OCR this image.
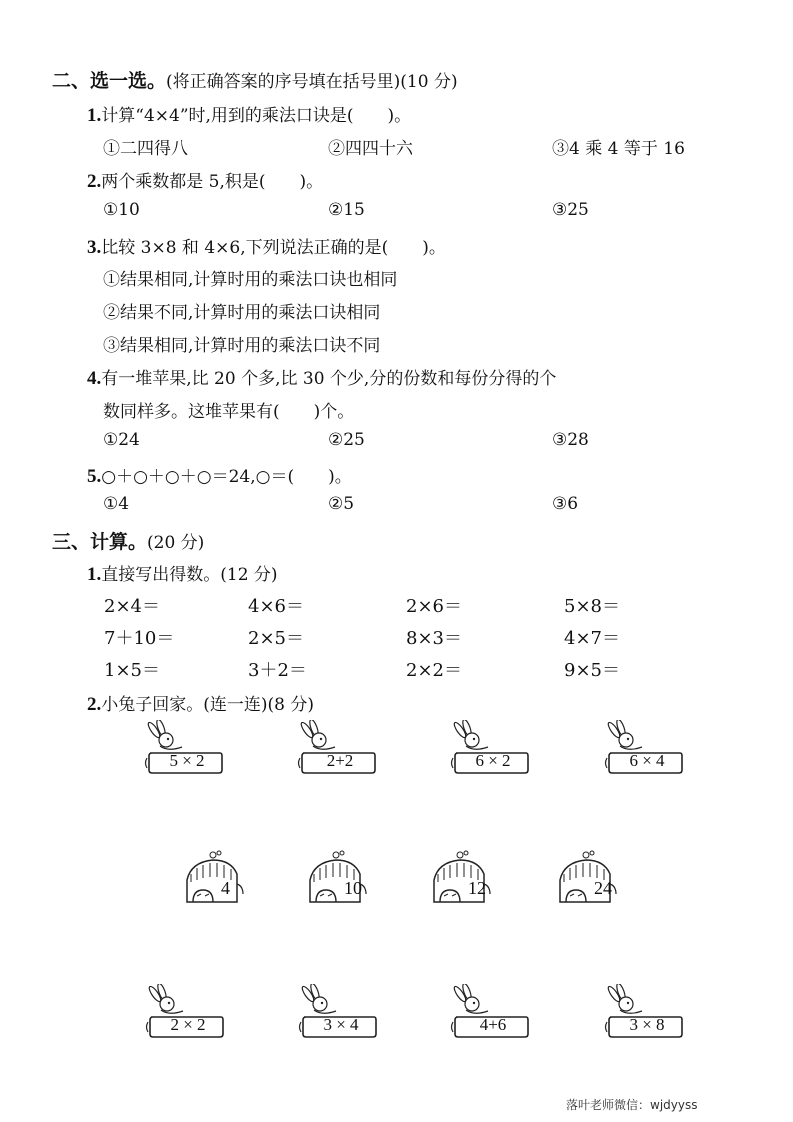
二、选一选。(将正确答案的序号填在括号里)(10 分)
1.计算“4×4”时,用到的乘法口诀是(　　)。
①二四得八	②四四十六	③4 乘 4 等于 16
2.两个乘数都是 5,积是(　　)。
①10	②15	③25
3.比较 3×8 和 4×6,下列说法正确的是(　　)。
①结果相同,计算时用的乘法口诀也相同
②结果不同,计算时用的乘法口诀相同
③结果相同,计算时用的乘法口诀不同
4.有一堆苹果,比 20 个多,比 30 个少,分的份数和每份分得的个
数同样多。这堆苹果有(　　)个。
①24	②25	③28
5.○＋○＋○＋○＝24,○＝(　　)。
①4	②5	③6
三、计算。(20 分)
1.直接写出得数。(12 分)
2×4＝	4×6＝	2×6＝	5×8＝
7＋10＝	2×5＝	8×3＝	4×7＝
1×5＝	3＋2＝	2×2＝	9×5＝
2.小兔子回家。(连一连)(8 分)
5 × 2	2+2	6 × 2	6 × 4
4	10	12	24
2 × 2	3 × 4	4+6	3 × 8
落叶老师微信：wjdyyss
